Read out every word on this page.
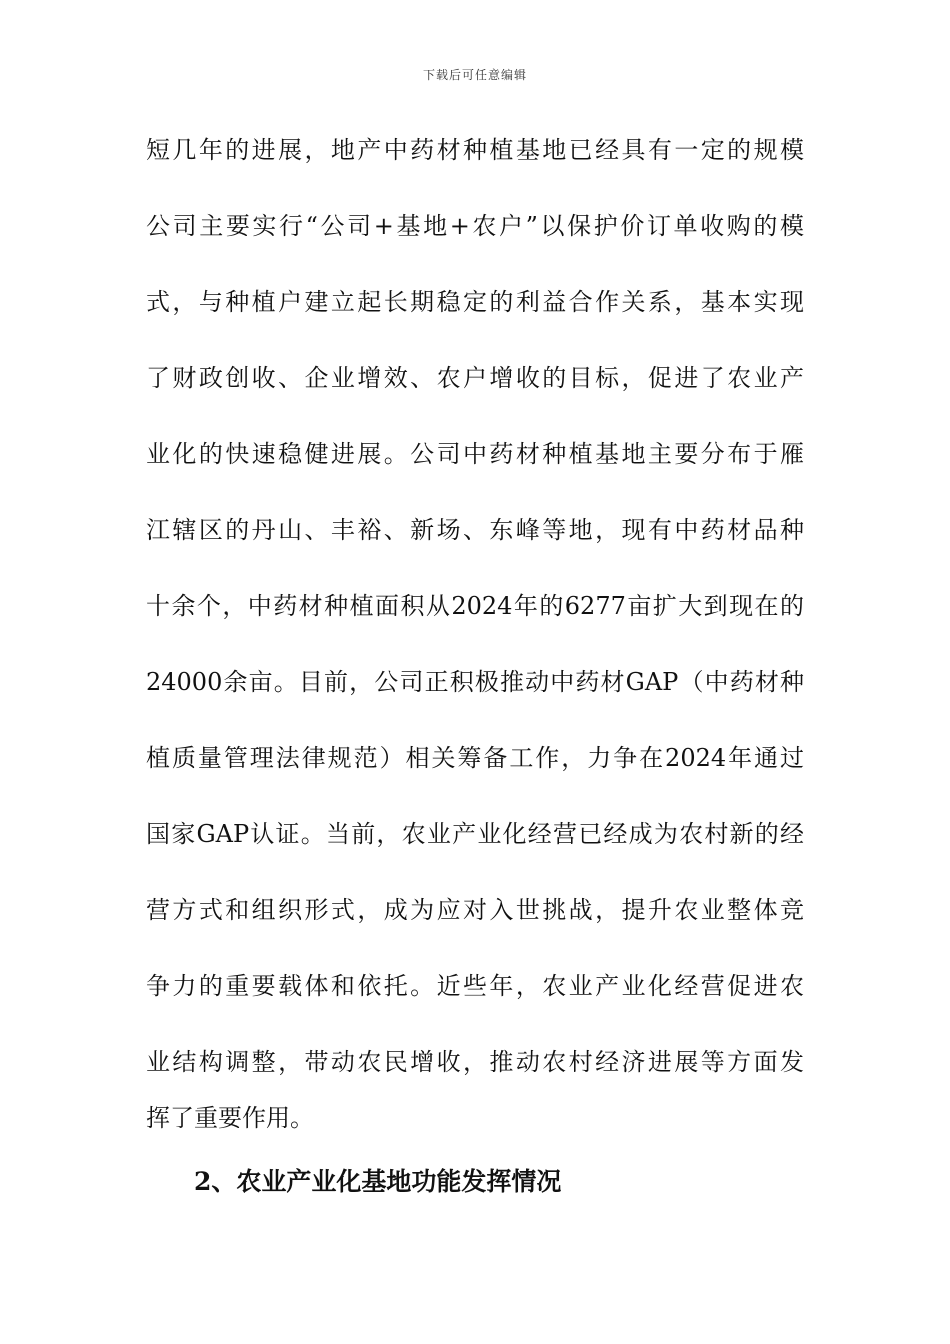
下载后可任意编辑
短几年的进展，地产中药材种植基地已经具有一定的规模
公司主要实行“公司+基地+农户”以保护价订单收购的模
式，与种植户建立起长期稳定的利益合作关系，基本实现
了财政创收、企业增效、农户增收的目标，促进了农业产
业化的快速稳健进展。公司中药材种植基地主要分布于雁
江辖区的丹山、丰裕、新场、东峰等地，现有中药材品种
十余个，中药材种植面积从2024年的6277亩扩大到现在的
24000余亩。目前，公司正积极推动中药材GAP（中药材种
植质量管理法律规范）相关筹备工作，力争在2024年通过
国家GAP认证。当前，农业产业化经营已经成为农村新的经
营方式和组织形式，成为应对入世挑战，提升农业整体竞
争力的重要载体和依托。近些年，农业产业化经营促进农
业结构调整，带动农民增收，推动农村经济进展等方面发
挥了重要作用。
2、农业产业化基地功能发挥情况
